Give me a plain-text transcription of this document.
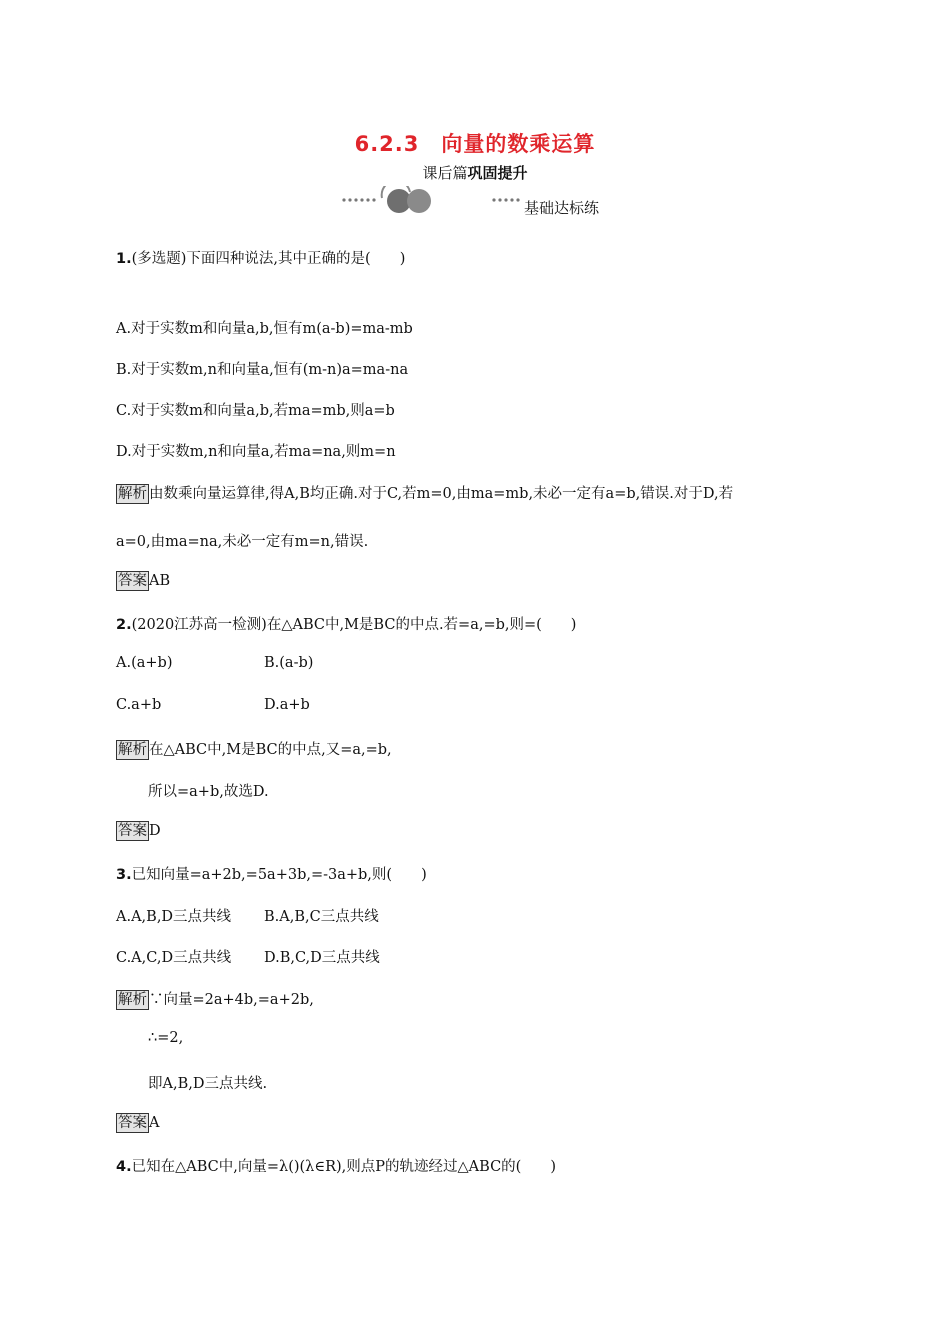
6.2.3　向量的数乘运算
课后篇巩固提升
基础达标练
1.(多选题)下面四种说法,其中正确的是(　　)
A.对于实数m和向量a,b,恒有m(a-b)=ma-mb
B.对于实数m,n和向量a,恒有(m-n)a=ma-na
C.对于实数m和向量a,b,若ma=mb,则a=b
D.对于实数m,n和向量a,若ma=na,则m=n
解析 由数乘向量运算律,得A,B均正确.对于C,若m=0,由ma=mb,未必一定有a=b,错误.对于D,若
a=0,由ma=na,未必一定有m=n,错误.
答案 AB
2.(2020江苏高一检测)在△ABC中,M是BC的中点.若=a,=b,则=(　　)
A.(a+b)	B.(a-b)
C.a+b	D.a+b
解析 在△ABC中,M是BC的中点,又=a,=b,
所以=a+b,故选D.
答案 D
3.已知向量=a+2b,=5a+3b,=-3a+b,则(　　)
A.A,B,D三点共线 B.A,B,C三点共线
C.A,C,D三点共线 D.B,C,D三点共线
解析 ∵向量=2a+4b,=a+2b,
∴=2,
即A,B,D三点共线.
答案 A
4.已知在△ABC中,向量=λ()(λ∈R),则点P的轨迹经过△ABC的(　　)
